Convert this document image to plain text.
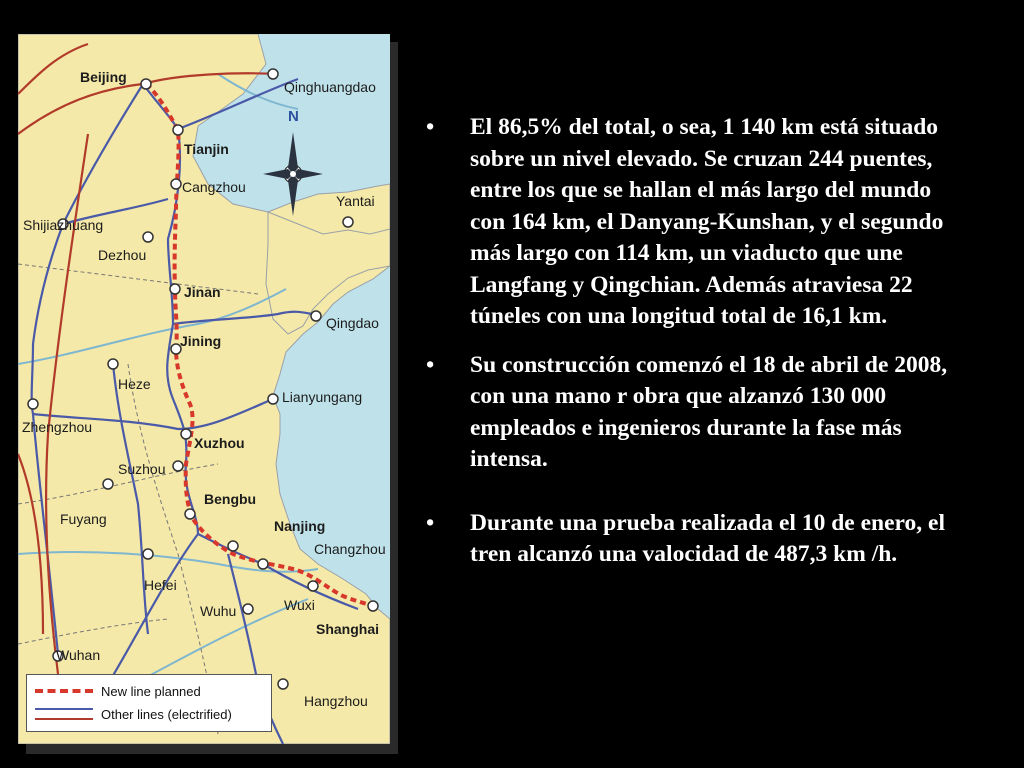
N
Beijing
Qinghuangdao
Tianjin
Cangzhou
Yantai
Shijiazhuang
Dezhou
Jinan
Qingdao
Jining
Heze
Lianyungang
Zhengzhou
Xuzhou
Suzhou
Bengbu
Fuyang	Nanjing
Changzhou
Hefei
Wuxi
Wuhu
Shanghai
Wuhan
Hangzhou
New line planned
Other lines (electrified)
• El 86,5% del total, o sea, 1 140 km está situado sobre un nivel elevado. Se cruzan 244 puentes, entre los que se hallan el más largo del mundo con 164 km, el Danyang-Kunshan, y el segundo más largo con 114 km, un viaducto que une Langfang y Qingchian. Además atraviesa 22 túneles con una longitud total de 16,1 km.
• Su construcción comenzó el 18 de abril de 2008, con una mano r obra que alzanzó 130 000 empleados e ingenieros durante la fase más intensa.
• Durante una prueba realizada el 10 de enero, el tren alcanzó una valocidad de 487,3 km /h.
